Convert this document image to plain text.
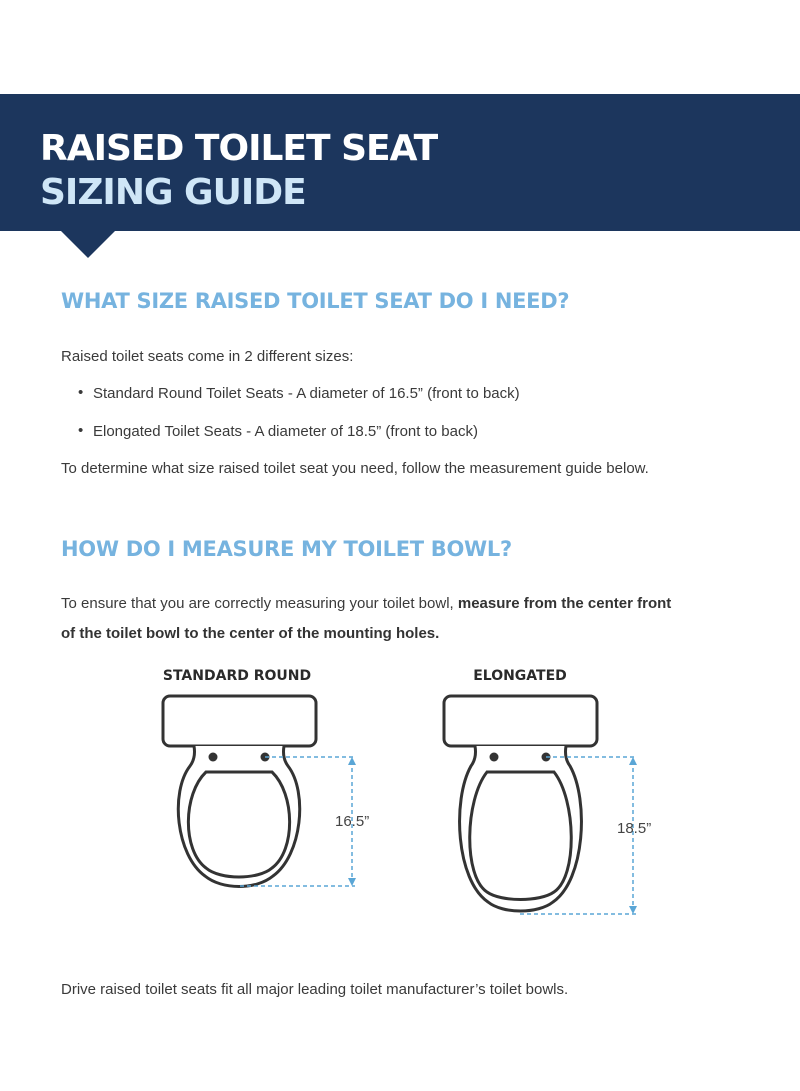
RAISED TOILET SEAT
SIZING GUIDE
WHAT SIZE RAISED TOILET SEAT DO I NEED?

Raised toilet seats come in 2 different sizes:

• Standard Round Toilet Seats - A diameter of 16.5” (front to back)
• Elongated Toilet Seats - A diameter of 18.5” (front to back)

To determine what size raised toilet seat you need, follow the measurement guide below.

HOW DO I MEASURE MY TOILET BOWL?

To ensure that you are correctly measuring your toilet bowl, measure from the center front
of the toilet bowl to the center of the mounting holes.

STANDARD ROUND	ELONGATED
16.5”	18.5”

Drive raised toilet seats fit all major leading toilet manufacturer’s toilet bowls.
